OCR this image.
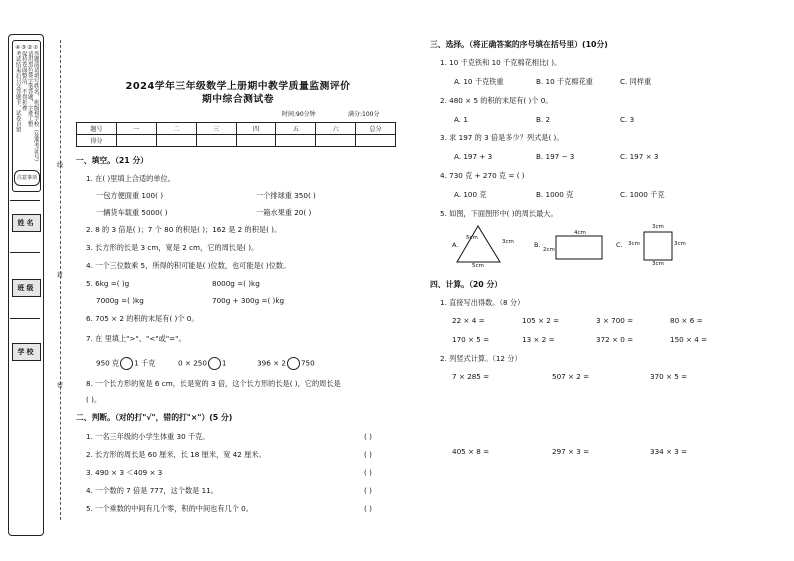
①答题前请填写姓名、班级和学校（及准考证号）
②请用黑色签字笔答题，字迹工整
③保持卷面整洁，不得折叠
④考试结束后只交答题卡，试卷自留
注意事项
姓名
班级
学校
线
封
密
2024学年三年级数学上册期中教学质量监测评价
期中综合测试卷
时间:90分钟	满分:100分
题号	一	二	三	四	五	六	总分
得分							
一、填空。（21 分）
1. 在( )里填上合适的单位。
一包方便面重 100( )	一个排球重 350( )
一辆货车载重 5000( )	一箱水果重 20( )
2. 8 的 3 倍是( )；7 个 80 的积是( )；162 是 2 的积是( )。
3. 长方形的长是 3 cm，宽是 2 cm，它的周长是( )。
4. 一个三位数乘 5，所得的积可能是( )位数，也可能是( )位数。
5. 6kg =( )g	8000g =( )kg
7000g =( )kg	700g + 300g =( )kg
6. 705 × 2 的积的末尾有( )个 0。
7. 在 里填上">"、"<"或"="。
950 克 1 千克	0 × 250 1	396 × 2 750
8. 一个长方形的宽是 6 cm，长是宽的 3 倍，这个长方形的长是( )，它的周长是
( )。
二、判断。（对的打"√"，错的打"×"）(5 分)
1. 一名三年级的小学生体重 30 千克。	( )
2. 长方形的周长是 60 厘米，长 18 厘米，宽 42 厘米。	( )
3. 490 × 3 ＜409 × 3	( )
4. 一个数的 7 倍是 777，这个数是 11。	( )
5. 一个乘数的中间有几个零，积的中间也有几个 0。	( )
三、选择。（将正确答案的序号填在括号里）(10分)
1. 10 千克铁和 10 千克棉花相比( )。
A. 10 千克铁重	B. 10 千克棉花重	C. 同样重
2. 480 × 5 的积的末尾有( )个 0。
A. 1	B. 2	C. 3
3. 求 197 的 3 倍是多少？列式是( )。
A. 197 + 3	B. 197 − 3	C. 197 × 3
4. 730 克 + 270 克 = ( )
A. 100 克	B. 1000 克	C. 1000 千克
5. 如图，下面图形中( )的周长最大。
A.
5cm
3cm
5cm
B.
4cm
2cm
C.
3cm
3cm	3cm
3cm
四、计算。（20 分）
1. 直接写出得数。（8 分）
22 × 4 =	105 × 2 =	3 × 700 =	80 × 6 =
170 × 5 =	13 × 2 =	372 × 0 =	150 × 4 =
2. 列竖式计算。（12 分）
7 × 285 =	507 × 2 =	370 × 5 =
405 × 8 =	297 × 3 =	334 × 3 =
